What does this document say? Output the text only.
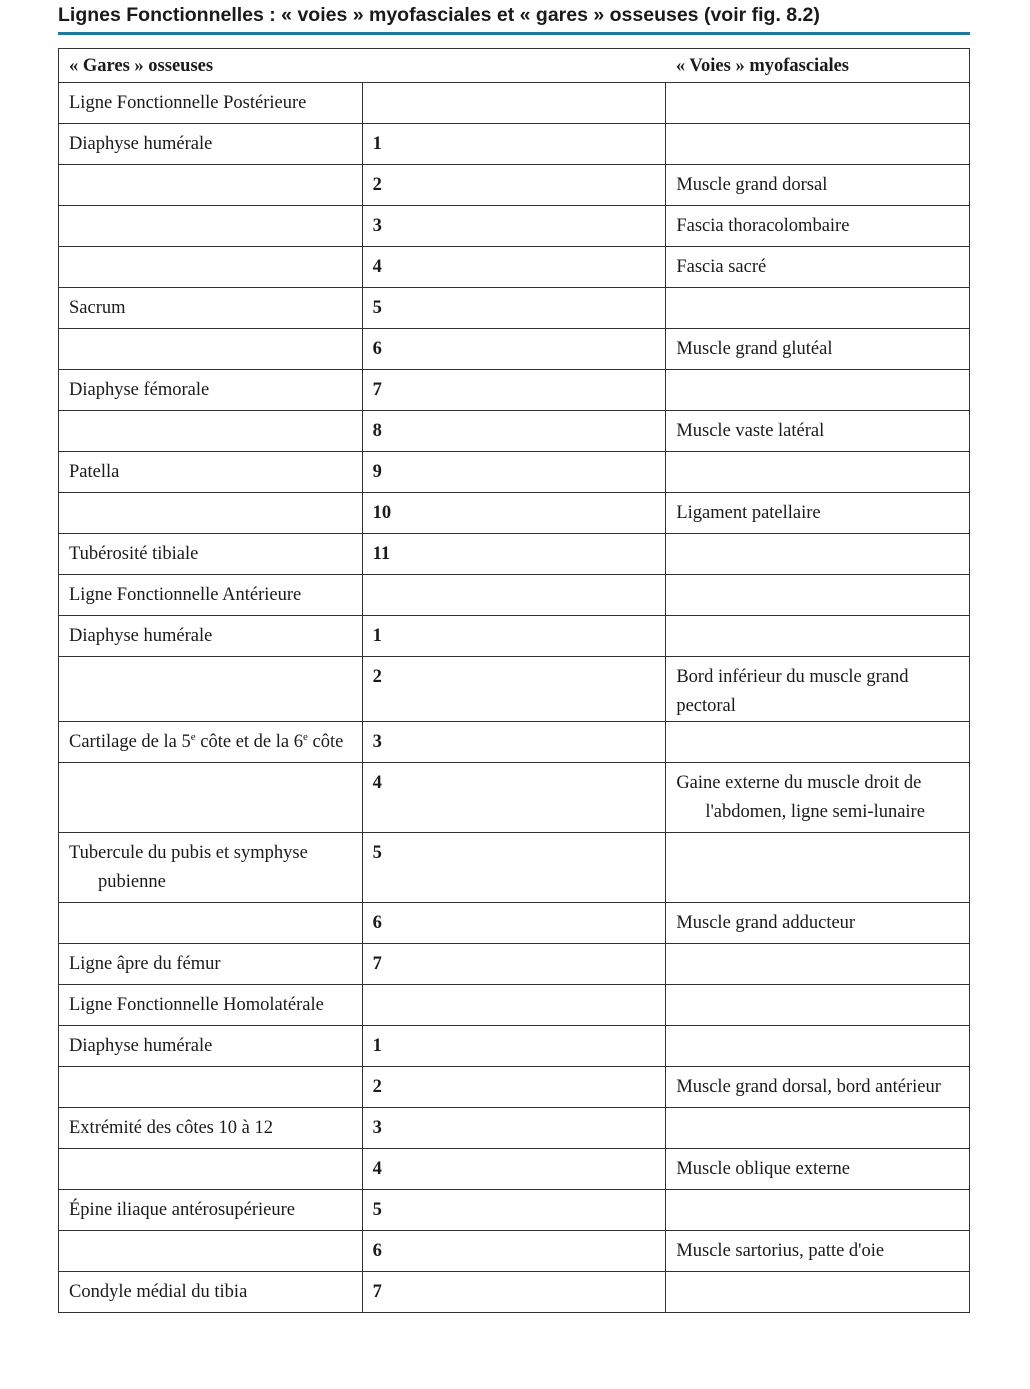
Lignes Fonctionnelles : « voies » myofasciales et « gares » osseuses (voir fig. 8.2)
« Gares » osseuses		« Voies » myofasciales
Ligne Fonctionnelle Postérieure		
Diaphyse humérale	1	
	2	Muscle grand dorsal
	3	Fascia thoracolombaire
	4	Fascia sacré
Sacrum	5	
	6	Muscle grand glutéal
Diaphyse fémorale	7	
	8	Muscle vaste latéral
Patella	9	
	10	Ligament patellaire
Tubérosité tibiale	11	
Ligne Fonctionnelle Antérieure		
Diaphyse humérale	1	
	2	Bord inférieur du muscle grand pectoral
Cartilage de la 5e côte et de la 6e côte	3	
	4	Gaine externe du muscle droit de l'abdomen, ligne semi-lunaire

Tubercule du pubis et symphyse pubienne	5	
	6	Muscle grand adducteur
Ligne âpre du fémur	7	
Ligne Fonctionnelle Homolatérale		
Diaphyse humérale	1	
	2	Muscle grand dorsal, bord antérieur
Extrémité des côtes 10 à 12	3	
	4	Muscle oblique externe
Épine iliaque antérosupérieure	5	
	6	Muscle sartorius, patte d'oie
Condyle médial du tibia	7	
